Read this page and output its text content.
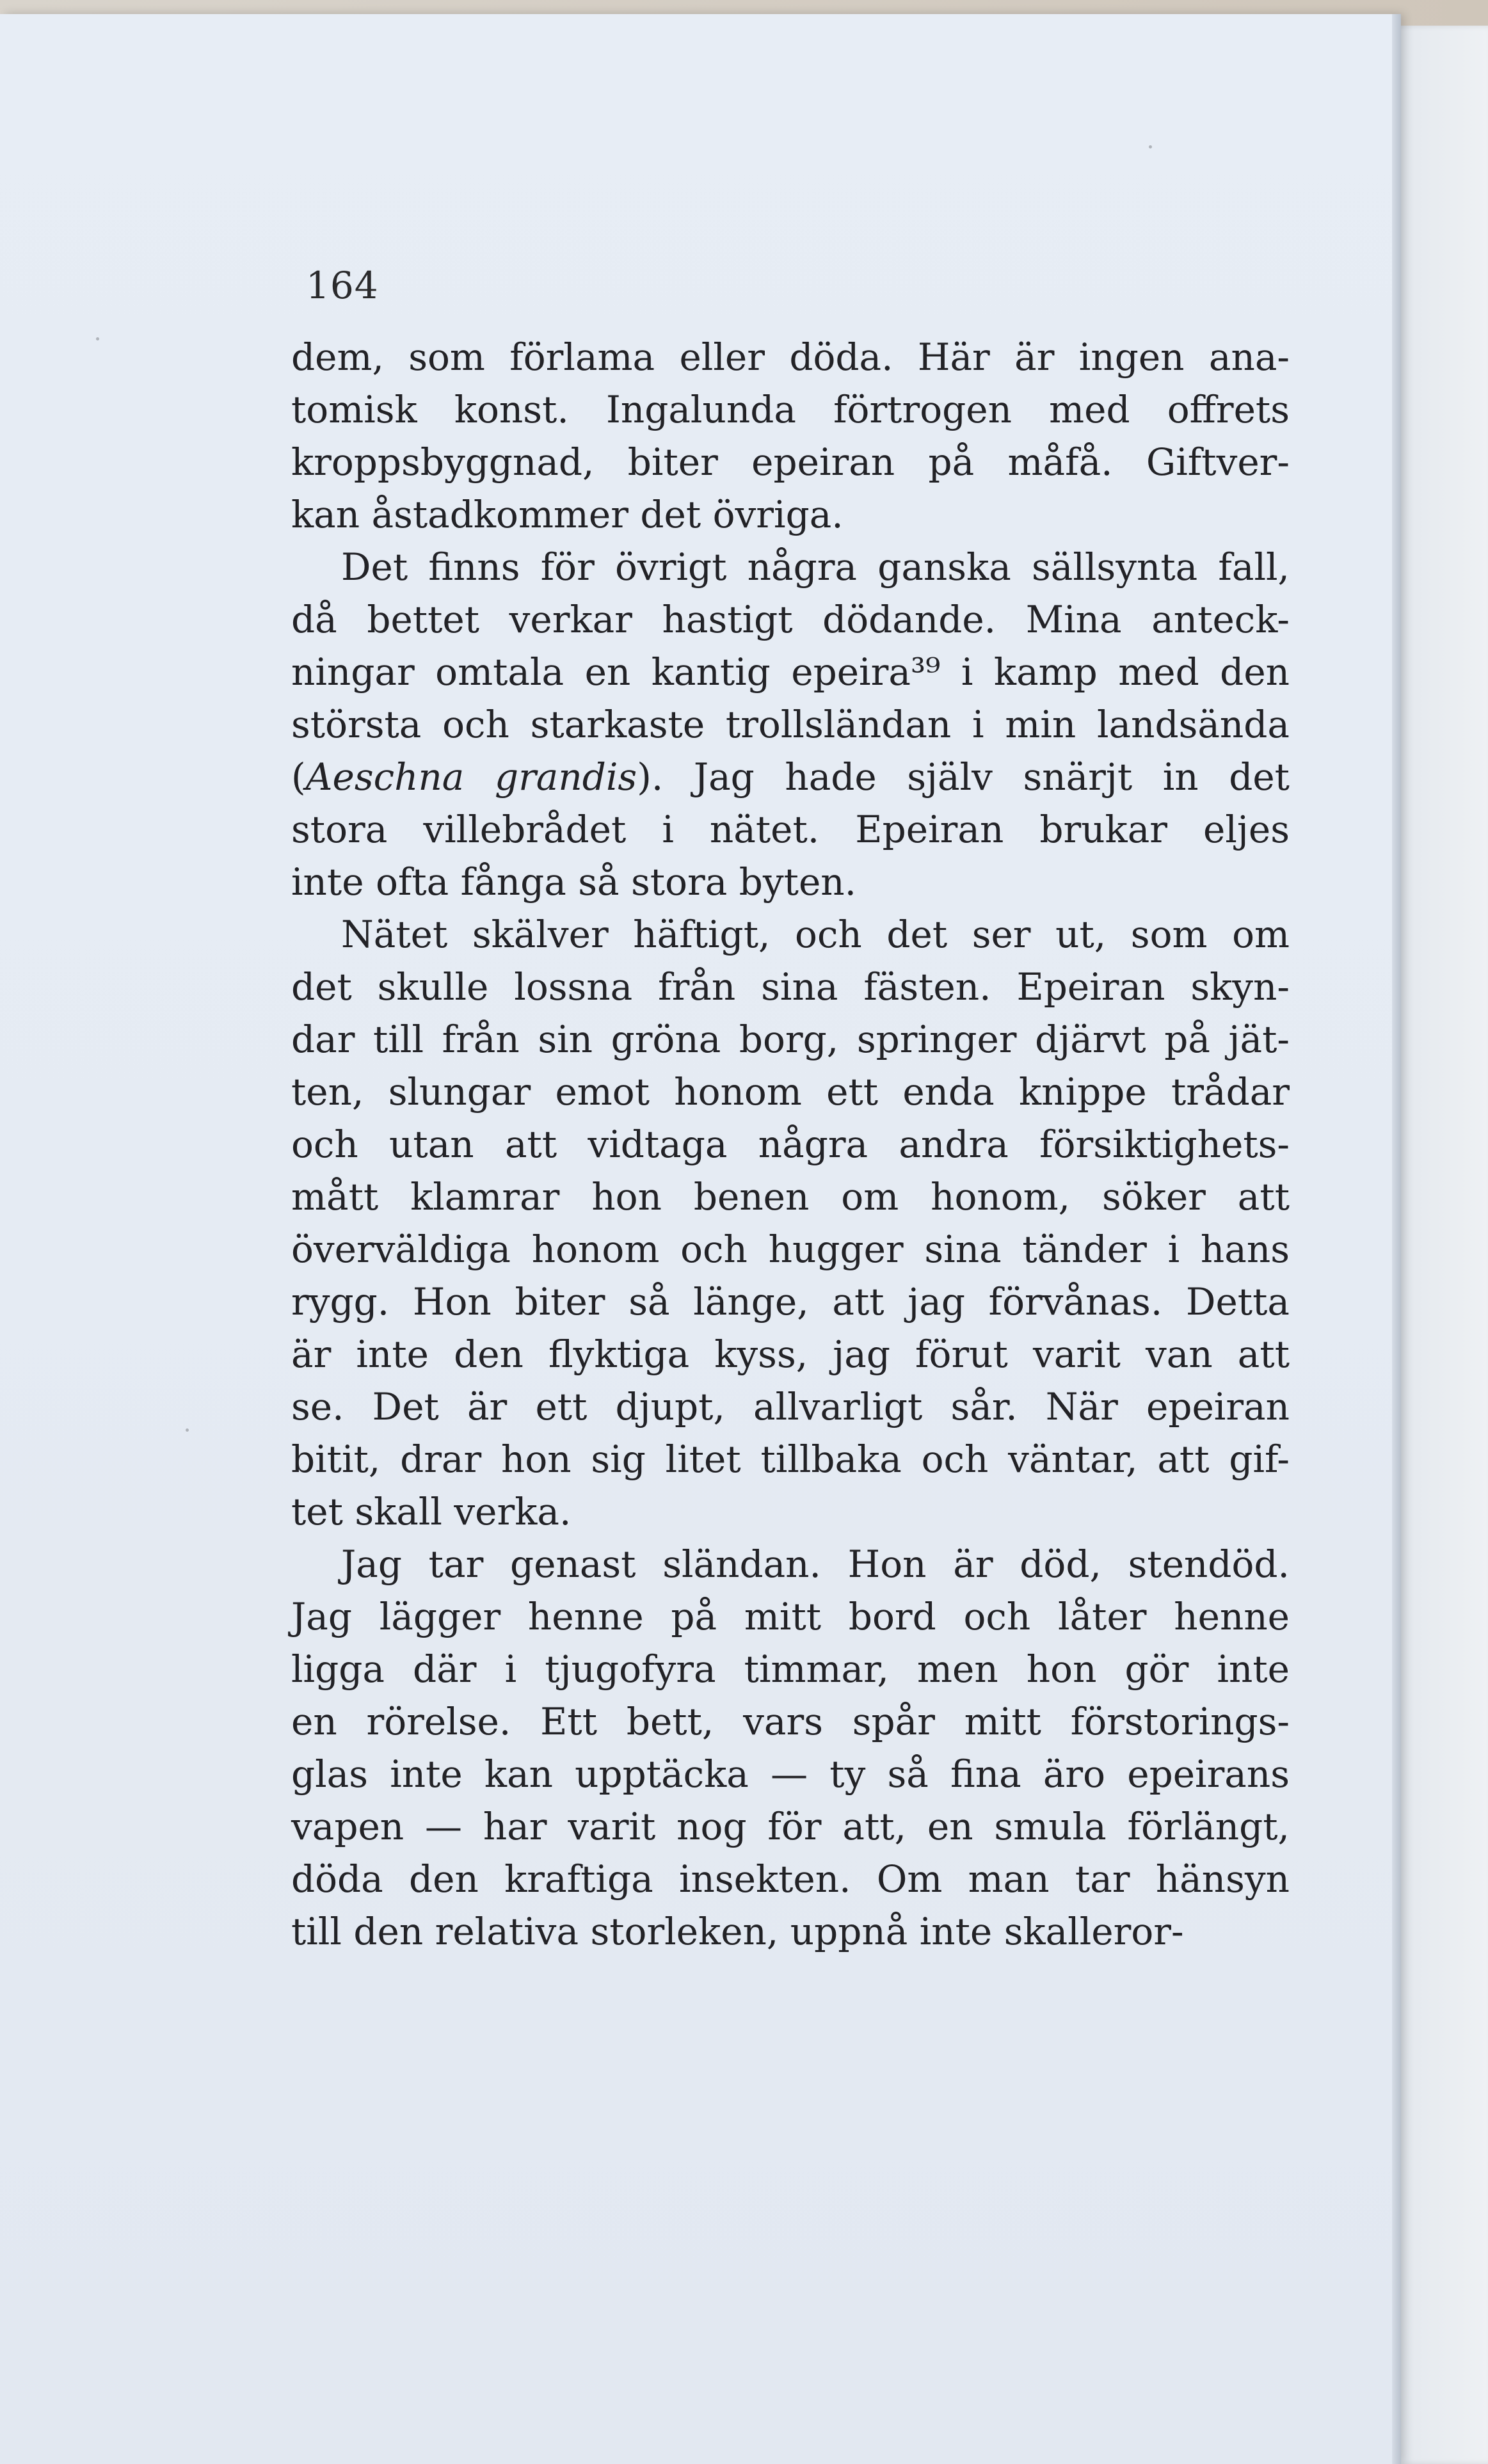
164
dem, som förlama eller döda. Här är ingen ana-
tomisk konst. Ingalunda förtrogen med offrets
kroppsbyggnad, biter epeiran på måfå. Giftver-
kan åstadkommer det övriga.
Det finns för övrigt några ganska sällsynta fall,
då bettet verkar hastigt dödande. Mina anteck-
ningar omtala en kantig epeira³⁹ i kamp med den
största och starkaste trollsländan i min landsända
(Aeschna grandis). Jag hade själv snärjt in det
stora villebrådet i nätet. Epeiran brukar eljes
inte ofta fånga så stora byten.
Nätet skälver häftigt, och det ser ut, som om
det skulle lossna från sina fästen. Epeiran skyn-
dar till från sin gröna borg, springer djärvt på jät-
ten, slungar emot honom ett enda knippe trådar
och utan att vidtaga några andra försiktighets-
mått klamrar hon benen om honom, söker att
överväldiga honom och hugger sina tänder i hans
rygg. Hon biter så länge, att jag förvånas. Detta
är inte den flyktiga kyss, jag förut varit van att
se. Det är ett djupt, allvarligt sår. När epeiran
bitit, drar hon sig litet tillbaka och väntar, att gif-
tet skall verka.
Jag tar genast sländan. Hon är död, stendöd.
Jag lägger henne på mitt bord och låter henne
ligga där i tjugofyra timmar, men hon gör inte
en rörelse. Ett bett, vars spår mitt förstorings-
glas inte kan upptäcka — ty så fina äro epeirans
vapen — har varit nog för att, en smula förlängt,
döda den kraftiga insekten. Om man tar hänsyn
till den relativa storleken, uppnå inte skalleror-
